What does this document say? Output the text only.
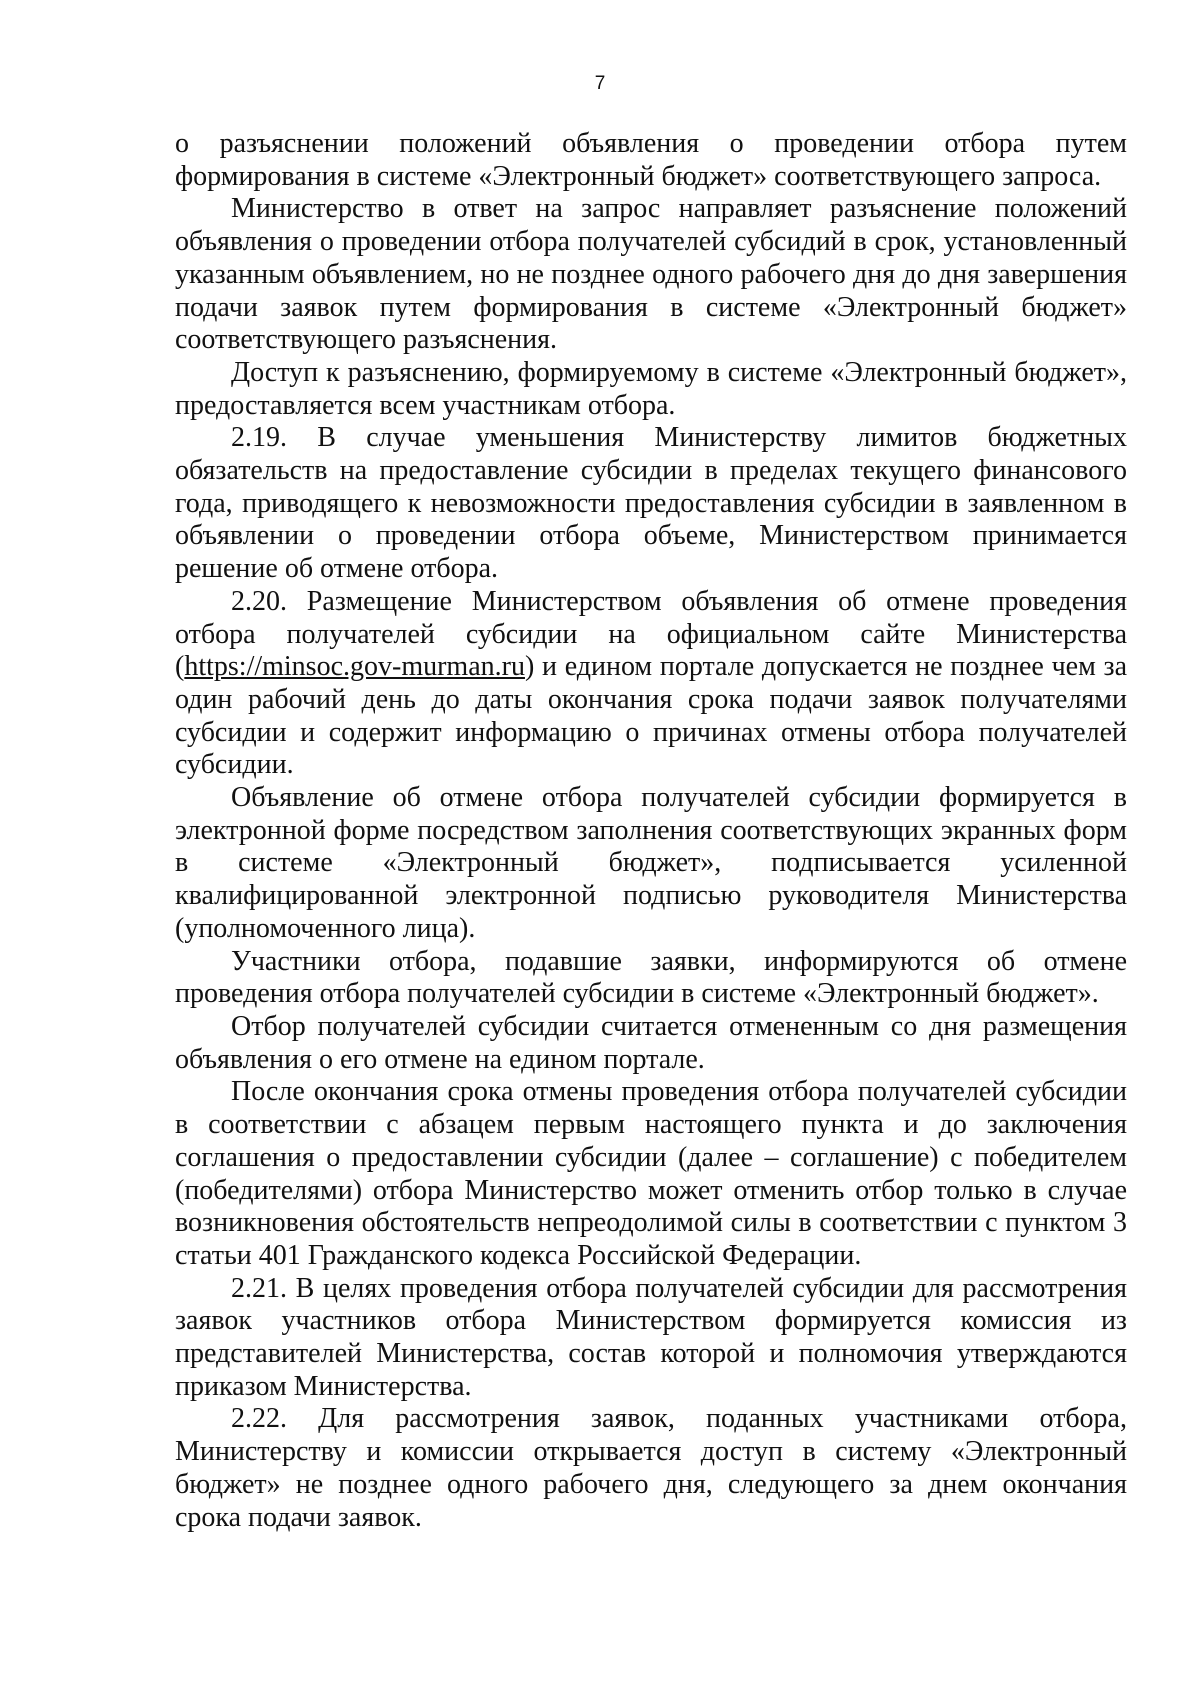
7

о разъяснении положений объявления о проведении отбора путем формирования в системе «Электронный бюджет» соответствующего запроса.

Министерство в ответ на запрос направляет разъяснение положений объявления о проведении отбора получателей субсидий в срок, установленный указанным объявлением, но не позднее одного рабочего дня до дня завершения подачи заявок путем формирования в системе «Электронный бюджет» соответствующего разъяснения.

Доступ к разъяснению, формируемому в системе «Электронный бюджет», предоставляется всем участникам отбора.

2.19. В случае уменьшения Министерству лимитов бюджетных обязательств на предоставление субсидии в пределах текущего финансового года, приводящего к невозможности предоставления субсидии в заявленном в объявлении о проведении отбора объеме, Министерством принимается решение об отмене отбора.

2.20. Размещение Министерством объявления об отмене проведения отбора получателей субсидии на официальном сайте Министерства (https://minsoc.gov-murman.ru) и едином портале допускается не позднее чем за один рабочий день до даты окончания срока подачи заявок получателями субсидии и содержит информацию о причинах отмены отбора получателей субсидии.

Объявление об отмене отбора получателей субсидии формируется в электронной форме посредством заполнения соответствующих экранных форм в системе «Электронный бюджет», подписывается усиленной квалифицированной электронной подписью руководителя Министерства (уполномоченного лица).

Участники отбора, подавшие заявки, информируются об отмене проведения отбора получателей субсидии в системе «Электронный бюджет».

Отбор получателей субсидии считается отмененным со дня размещения объявления о его отмене на едином портале.

После окончания срока отмены проведения отбора получателей субсидии в соответствии с абзацем первым настоящего пункта и до заключения соглашения о предоставлении субсидии (далее – соглашение) с победителем (победителями) отбора Министерство может отменить отбор только в случае возникновения обстоятельств непреодолимой силы в соответствии с пунктом 3 статьи 401 Гражданского кодекса Российской Федерации.

2.21. В целях проведения отбора получателей субсидии для рассмотрения заявок участников отбора Министерством формируется комиссия из представителей Министерства, состав которой и полномочия утверждаются приказом Министерства.

2.22. Для рассмотрения заявок, поданных участниками отбора, Министерству и комиссии открывается доступ в систему «Электронный бюджет» не позднее одного рабочего дня, следующего за днем окончания срока подачи заявок.
